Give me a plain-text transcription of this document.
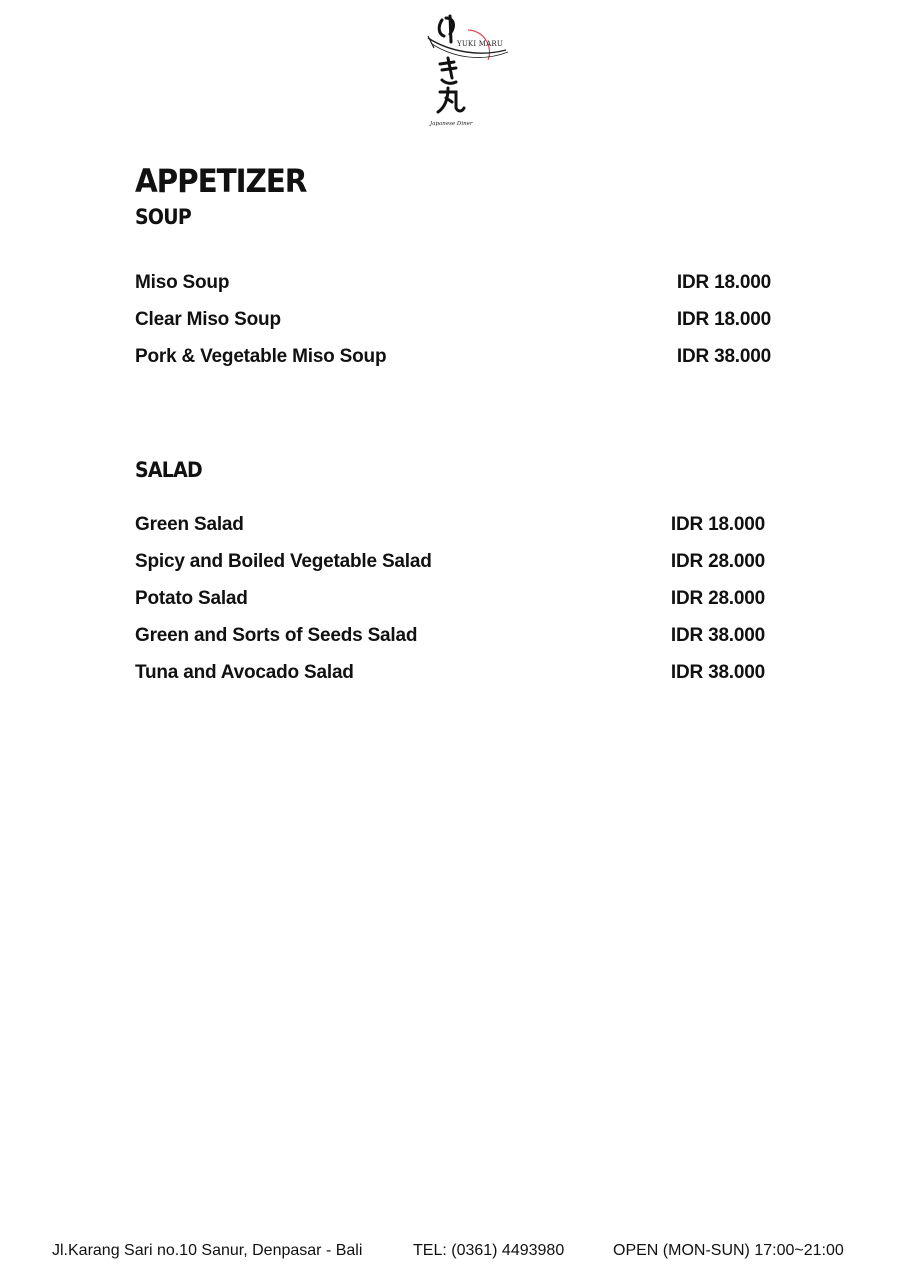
YUKI MARU
Japanese Diner
APPETIZER
SOUP
Miso Soup	IDR 18.000
Clear Miso Soup	IDR 18.000
Pork & Vegetable Miso Soup	IDR 38.000
SALAD
Green Salad	IDR 18.000
Spicy and Boiled Vegetable Salad	IDR 28.000
Potato Salad	IDR 28.000
Green and Sorts of Seeds Salad	IDR 38.000
Tuna and Avocado Salad	IDR 38.000
Jl.Karang Sari no.10 Sanur, Denpasar - Bali	TEL: (0361) 4493980	OPEN (MON-SUN) 17:00~21:00
